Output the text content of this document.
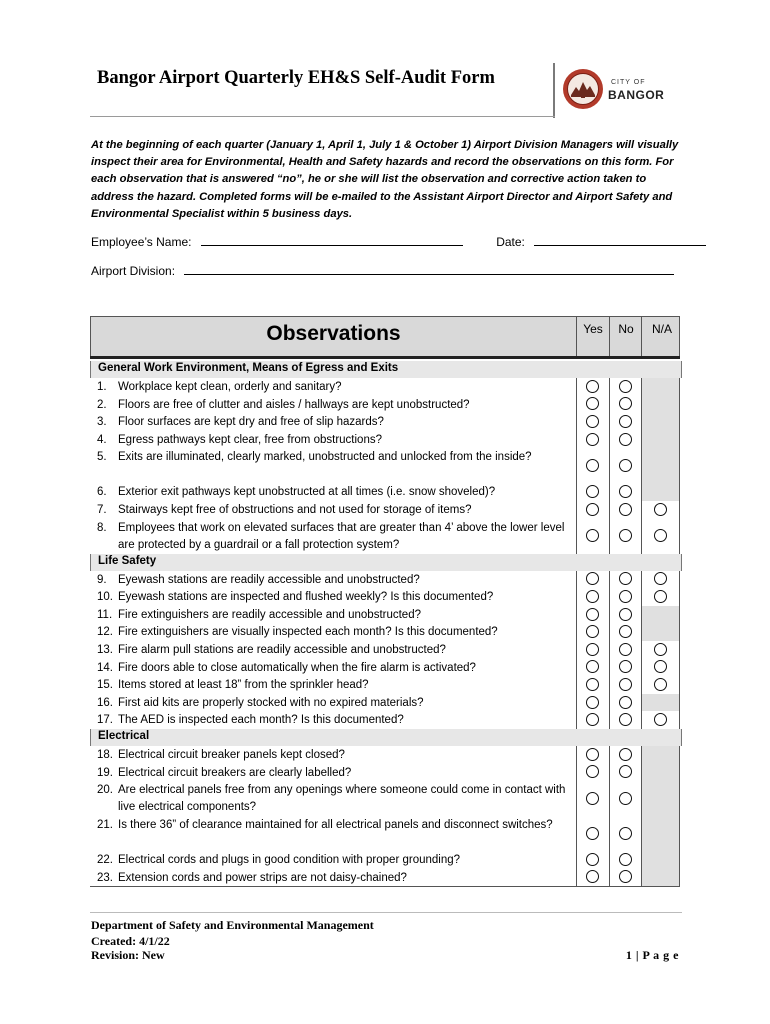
Bangor Airport Quarterly EH&S Self-Audit Form	CITY OF
BANGOR
At the beginning of each quarter (January 1, April 1, July 1 & October 1) Airport Division Managers will visually inspect their area for Environmental, Health and Safety hazards and record the observations on this form. For each observation that is answered “no”, he or she will list the observation and corrective action taken to address the hazard. Completed forms will be e-mailed to the Assistant Airport Director and Airport Safety and Environmental Specialist within 5 business days.
Employee’s Name:	Date:
Airport Division:
Observations	Yes	No	N/A
General Work Environment, Means of Egress and Exits
1. Workplace kept clean, orderly and sanitary?
2. Floors are free of clutter and aisles / hallways are kept unobstructed?
3. Floor surfaces are kept dry and free of slip hazards?
4. Egress pathways kept clear, free from obstructions?
5. Exits are illuminated, clearly marked, unobstructed and unlocked from the inside?
6. Exterior exit pathways kept unobstructed at all times (i.e. snow shoveled)?
7. Stairways kept free of obstructions and not used for storage of items?
8. Employees that work on elevated surfaces that are greater than 4’ above the lower level are protected by a guardrail or a fall protection system?
Life Safety
9. Eyewash stations are readily accessible and unobstructed?
10. Eyewash stations are inspected and flushed weekly? Is this documented?
11. Fire extinguishers are readily accessible and unobstructed?
12. Fire extinguishers are visually inspected each month? Is this documented?
13. Fire alarm pull stations are readily accessible and unobstructed?
14. Fire doors able to close automatically when the fire alarm is activated?
15. Items stored at least 18” from the sprinkler head?
16. First aid kits are properly stocked with no expired materials?
17. The AED is inspected each month? Is this documented?
Electrical
18. Electrical circuit breaker panels kept closed?
19. Electrical circuit breakers are clearly labelled?
20. Are electrical panels free from any openings where someone could come in contact with live electrical components?
21. Is there 36” of clearance maintained for all electrical panels and disconnect switches?
22. Electrical cords and plugs in good condition with proper grounding?
23. Extension cords and power strips are not daisy-chained?
Department of Safety and Environmental Management
Created: 4/1/22
Revision: New	1 | P a g e
